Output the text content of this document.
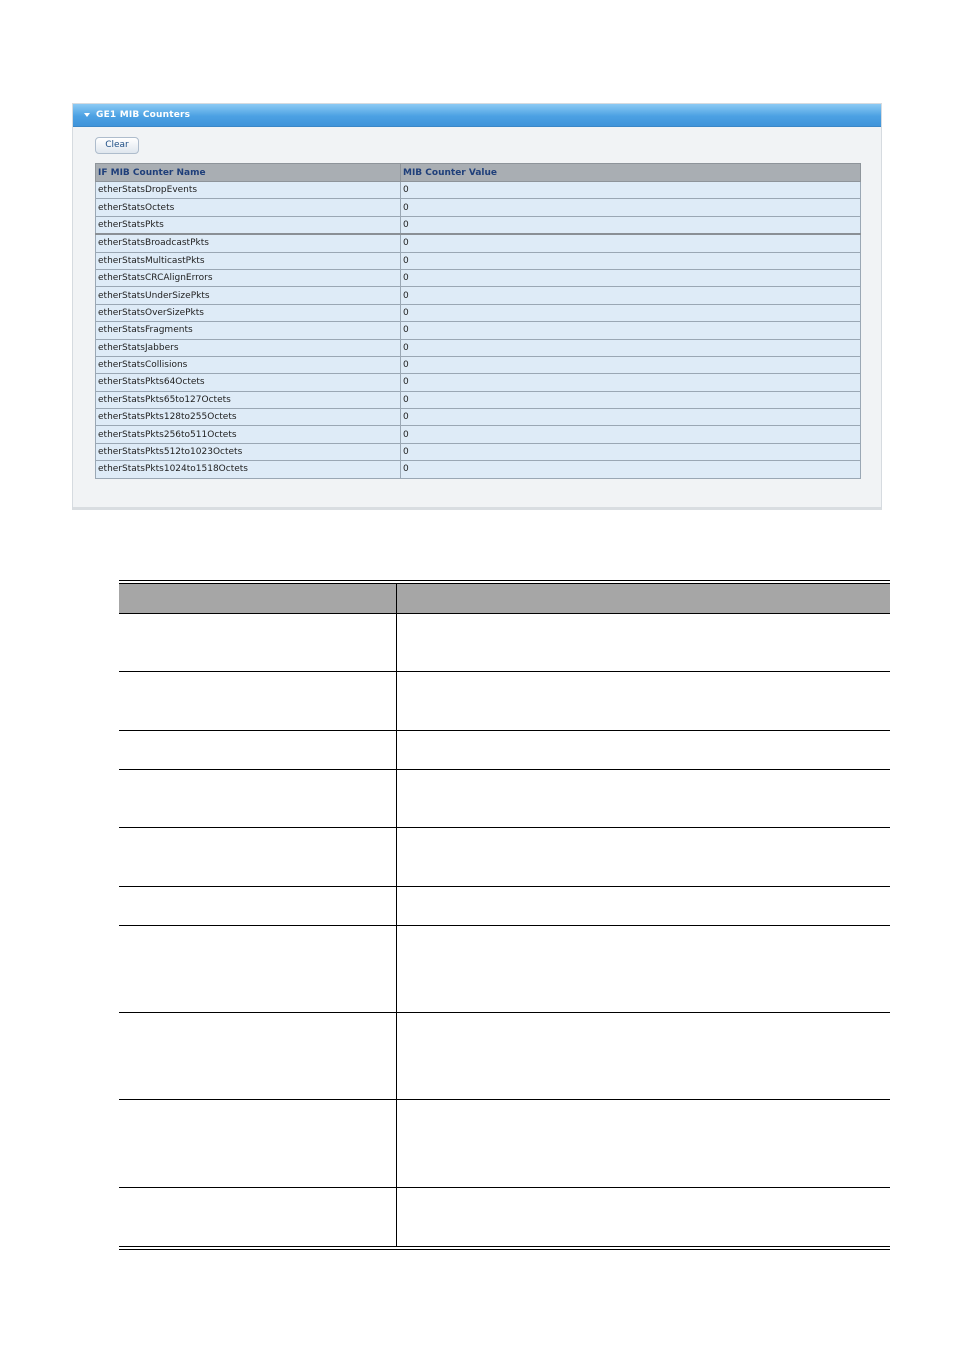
GE1 MIB Counters
Clear
IF MIB Counter Name	MIB Counter Value
etherStatsDropEvents	0
etherStatsOctets	0
etherStatsPkts	0
etherStatsBroadcastPkts	0
etherStatsMulticastPkts	0
etherStatsCRCAlignErrors	0
etherStatsUnderSizePkts	0
etherStatsOverSizePkts	0
etherStatsFragments	0
etherStatsJabbers	0
etherStatsCollisions	0
etherStatsPkts64Octets	0
etherStatsPkts65to127Octets	0
etherStatsPkts128to255Octets	0
etherStatsPkts256to511Octets	0
etherStatsPkts512to1023Octets	0
etherStatsPkts1024to1518Octets	0
